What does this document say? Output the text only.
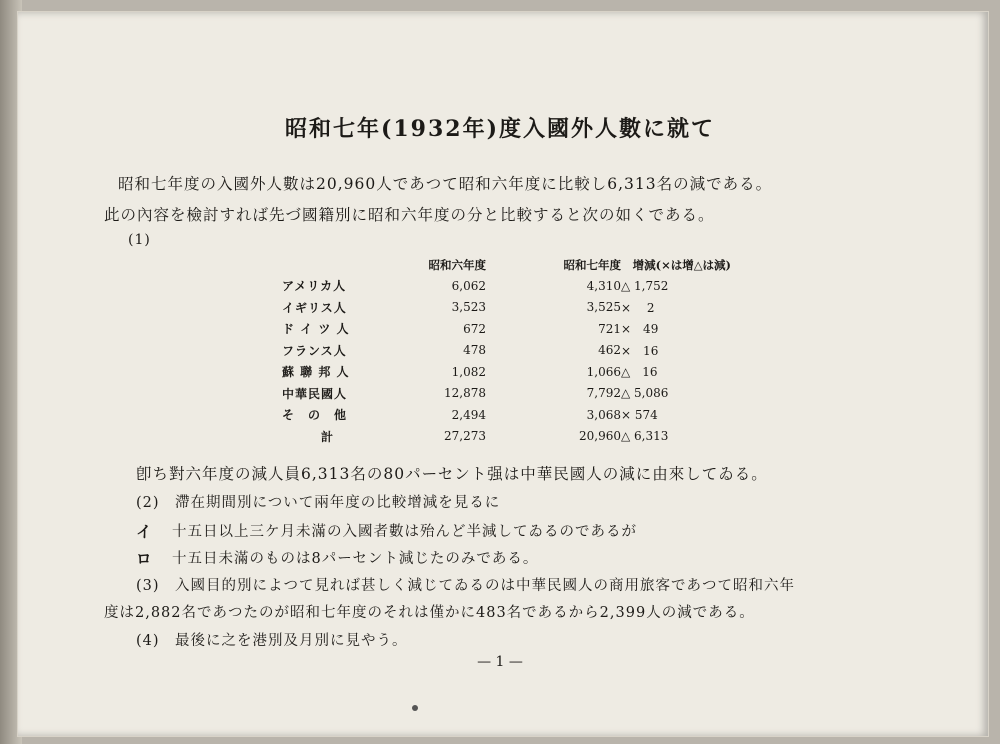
昭和七年(1932年)度入國外人數に就て
昭和七年度の入國外人數は20,960人であつて昭和六年度に比較し6,313名の減である。
此の內容を檢討すれば先づ國籍別に昭和六年度の分と比較すると次の如くである。
(1)
	昭和六年度	昭和七年度	增減(×は增△は減)
アメリカ人	6,062	4,310	△ 1,752
イギリス人	3,523	3,525	×　 2
ド イ ツ 人	672	721	×　49
フランス人	478	462	×　16
蘇 聯 邦 人	1,082	1,066	△　16
中華民國人	12,878	7,792	△ 5,086
そ　の　他	2,494	3,068	× 574
　　　計	27,273	20,960	△ 6,313
卽ち對六年度の減人員6,313名の80パーセント强は中華民國人の減に由來してゐる。
(2)　滯在期間別について兩年度の比較增減を見るに
イ 十五日以上三ケ月未滿の入國者數は殆んど半減してゐるのであるが
ロ 十五日未滿のものは8パーセント減じたのみである。
(3)　入國目的別によつて見れば甚しく減じてゐるのは中華民國人の商用旅客であつて昭和六年
度は2,882名であつたのが昭和七年度のそれは僅かに483名であるから2,399人の減である。
(4)　最後に之を港別及月別に見やう。
— 1 —
